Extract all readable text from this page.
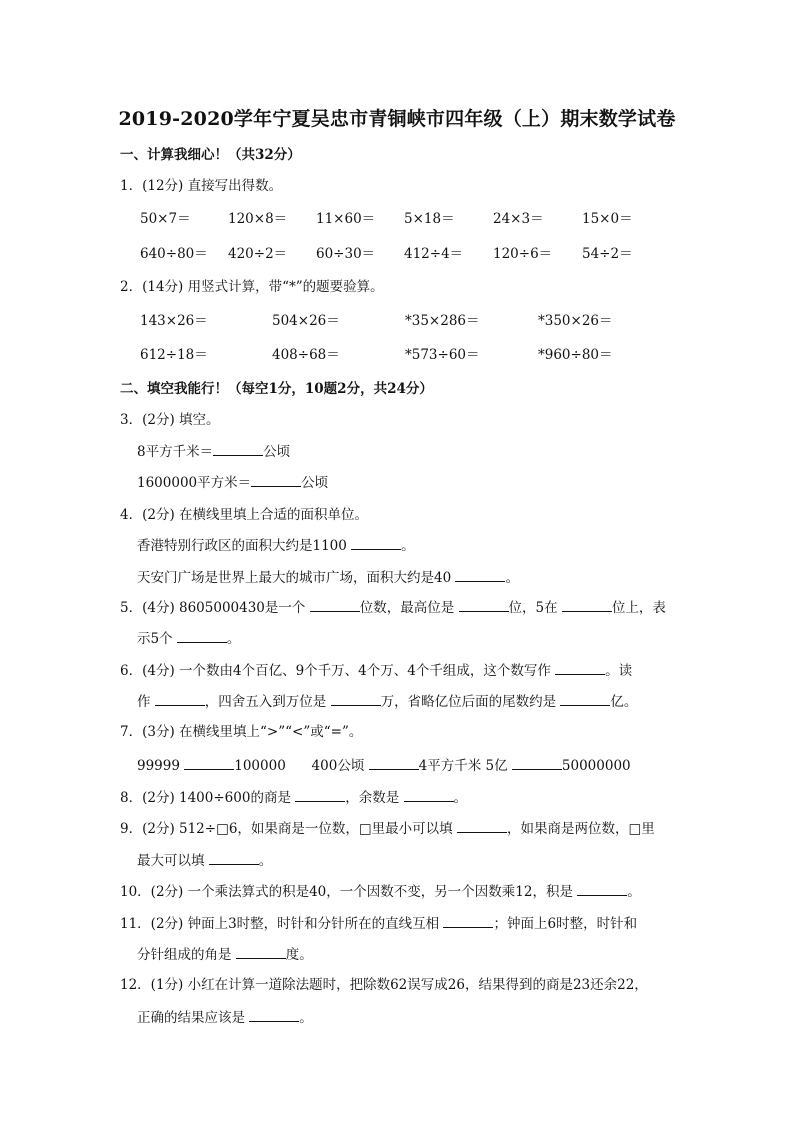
2019-2020学年宁夏吴忠市青铜峡市四年级（上）期末数学试卷
一、计算我细心！（共32分）
1．(12分) 直接写出得数。
50×7＝	120×8＝ 11×60＝ 5×18＝	24×3＝	15×0＝
640÷80＝ 420÷2＝ 60÷30＝ 412÷4＝ 120÷6＝ 54÷2＝
2．(14分) 用竖式计算，带“*”的题要验算。
143×26＝	504×26＝	*35×286＝	*350×26＝
612÷18＝	408÷68＝	*573÷60＝	*960÷80＝
二、填空我能行！（每空1分，10题2分，共24分）
3．(2分) 填空。
8平方千米＝	公顷
1600000平方米＝	公顷
4．(2分) 在横线里填上合适的面积单位。
香港特别行政区的面积大约是1100	。
天安门广场是世界上最大的城市广场，面积大约是40	。
5．(4分) 8605000430是一个	位数，最高位是	位，5在	位上，表
示5个	。
6．(4分) 一个数由4个百亿、9个千万、4个万、4个千组成，这个数写作	。读
作	，四舍五入到万位是	万，省略亿位后面的尾数约是	亿。
7．(3分) 在横线里填上“>”“<”或“=”。
99999	100000 400公顷	4平方千米 5亿	50000000
8．(2分) 1400÷600的商是	，余数是	。
9．(2分) 512÷□6，如果商是一位数，□里最小可以填	，如果商是两位数，□里
最大可以填	。
10．(2分) 一个乘法算式的积是40，一个因数不变，另一个因数乘12，积是	。
11．(2分) 钟面上3时整，时针和分针所在的直线互相	；钟面上6时整，时针和
分针组成的角是	度。
12．(1分) 小红在计算一道除法题时，把除数62误写成26，结果得到的商是23还余22，
正确的结果应该是	。
